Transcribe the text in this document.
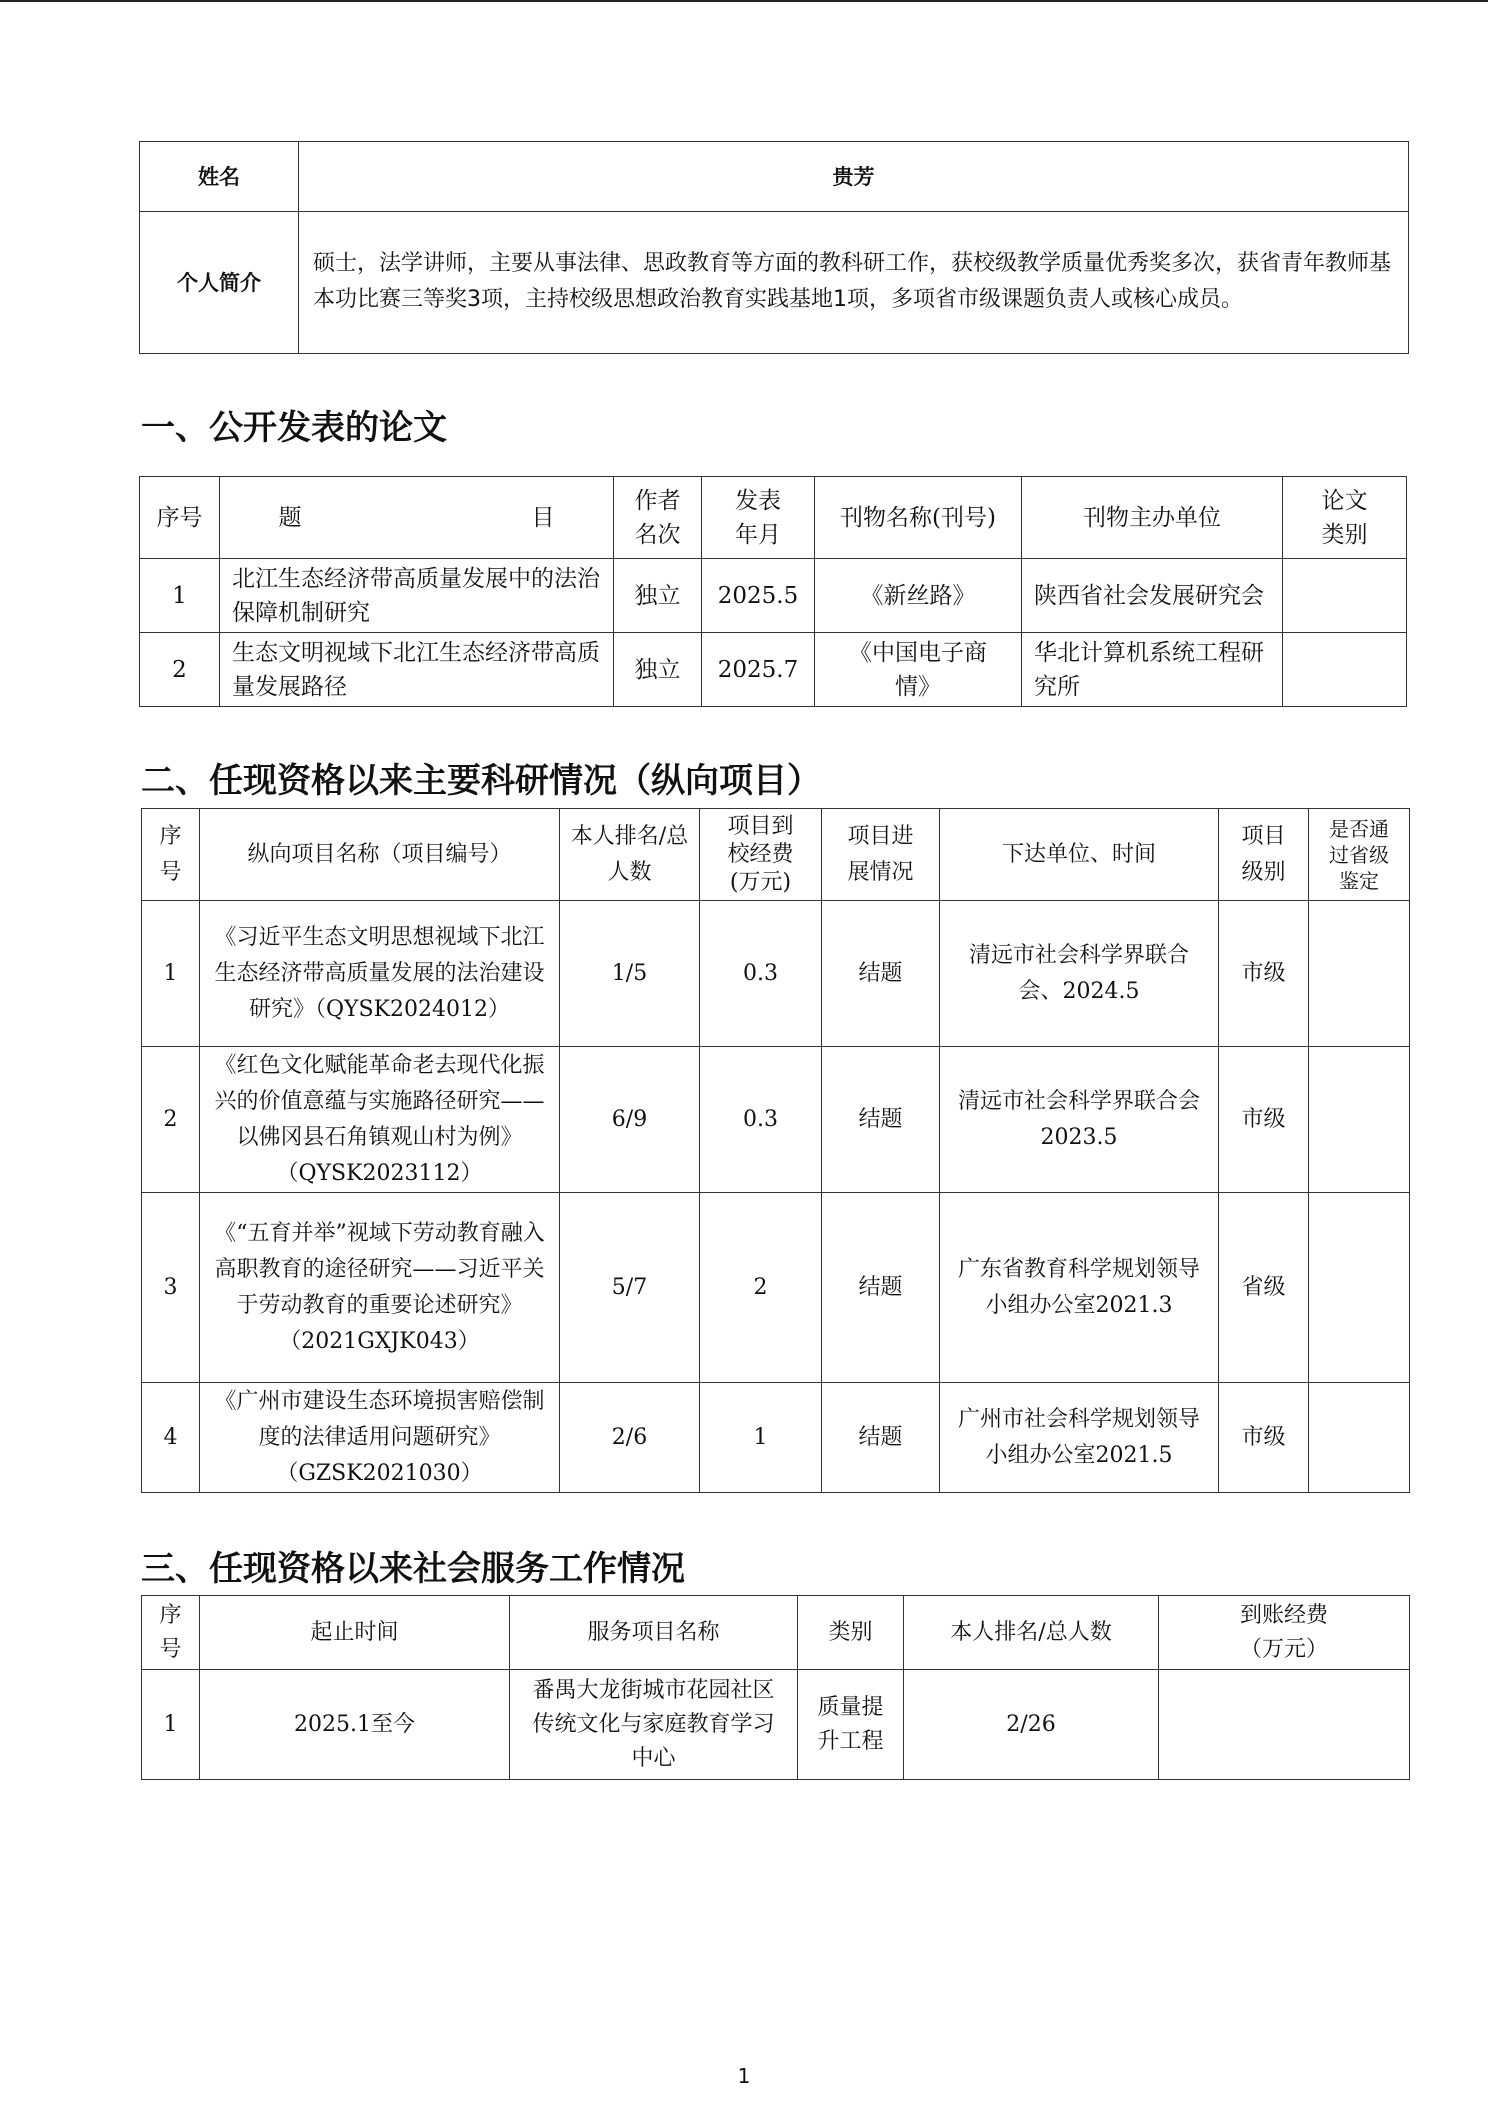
姓名	贵芳
个人简介	硕士，法学讲师，主要从事法律、思政教育等方面的教科研工作，获校级教学质量优秀奖多次，获省青年教师基本功比赛三等奖3项，主持校级思想政治教育实践基地1项，多项省市级课题负责人或核心成员。
一、公开发表的论文
序号	题 目	作者名次	发表年月	刊物名称(刊号)	刊物主办单位	论文类别
1	北江生态经济带高质量发展中的法治保障机制研究	独立	2025.5	《新丝路》	陕西省社会发展研究会	
2	生态文明视域下北江生态经济带高质量发展路径	独立	2025.7	《中国电子商情》	华北计算机系统工程研究所	
二、任现资格以来主要科研情况（纵向项目）
序号	纵向项目名称（项目编号）	本人排名/总人数	项目到校经费(万元)	项目进展情况	下达单位、时间	项目级别	是否通过省级鉴定
1	《习近平生态文明思想视域下北江生态经济带高质量发展的法治建设研究》（QYSK2024012）	1/5	0.3	结题	清远市社会科学界联合会、2024.5	市级	
2	《红色文化赋能革命老去现代化振兴的价值意蕴与实施路径研究——以佛冈县石角镇观山村为例》（QYSK2023112）	6/9	0.3	结题	清远市社会科学界联合会2023.5	市级	
3	《“五育并举”视域下劳动教育融入高职教育的途径研究——习近平关于劳动教育的重要论述研究》（2021GXJK043）	5/7	2	结题	广东省教育科学规划领导小组办公室2021.3	省级	
4	《广州市建设生态环境损害赔偿制度的法律适用问题研究》（GZSK2021030）	2/6	1	结题	广州市社会科学规划领导小组办公室2021.5	市级	
三、任现资格以来社会服务工作情况
序号	起止时间	服务项目名称	类别	本人排名/总人数	到账经费（万元）
1	2025.1至今	番禺大龙街城市花园社区传统文化与家庭教育学习中心	质量提升工程	2/26	
1
